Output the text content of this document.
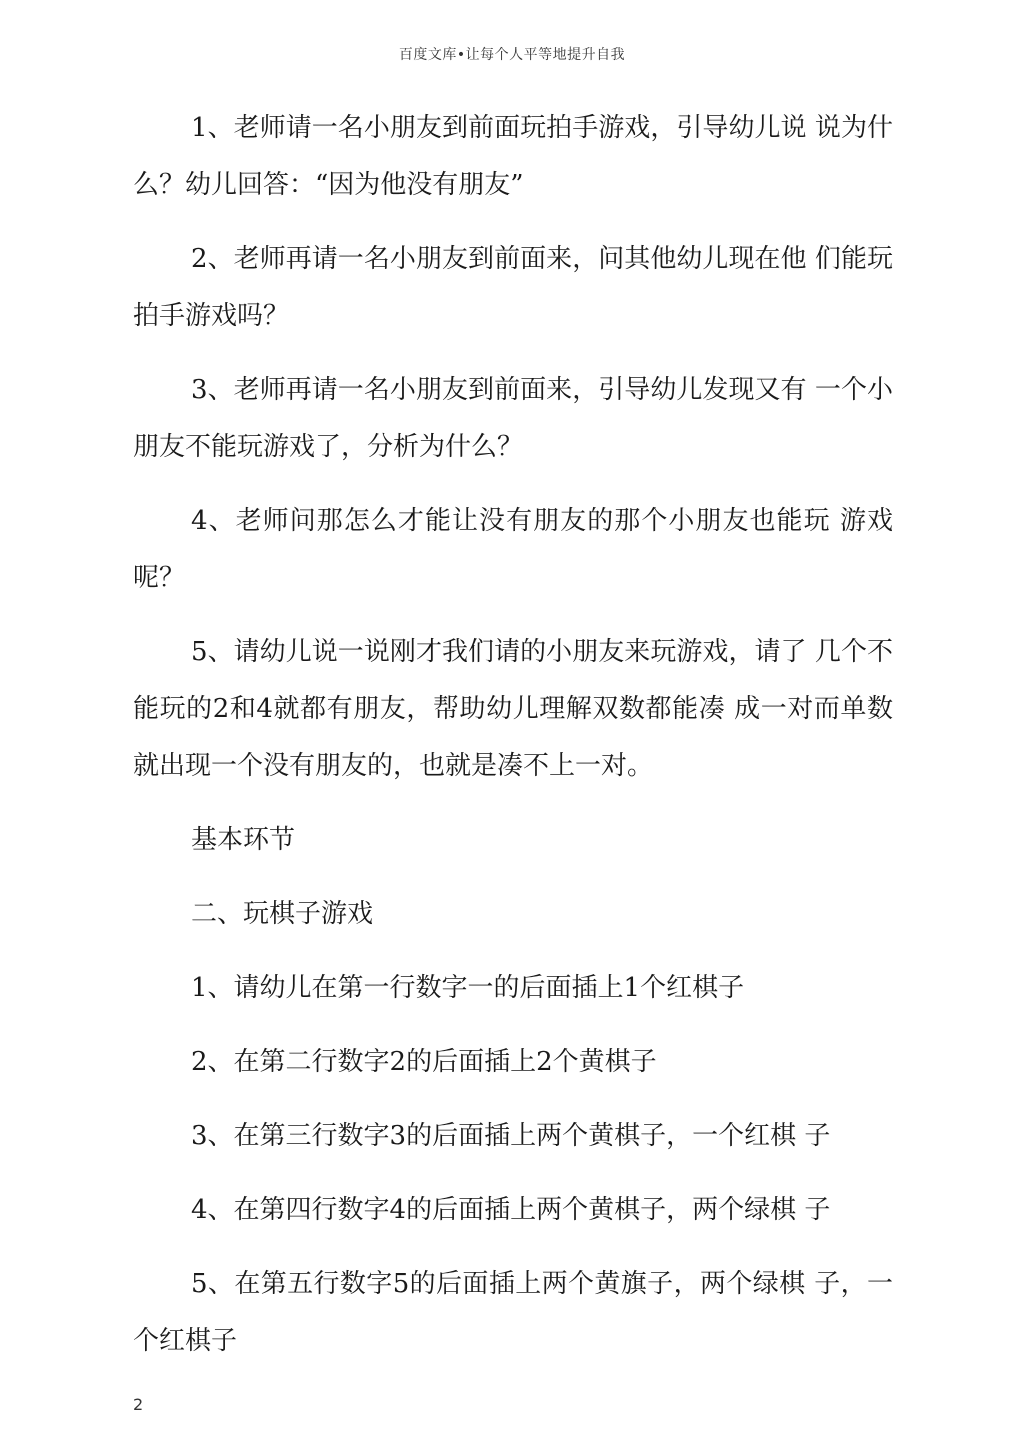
百度文库•让每个人平等地提升自我

1、老师请一名小朋友到前面玩拍手游戏，引导幼儿说 说为什么？幼儿回答：“因为他没有朋友”

2、老师再请一名小朋友到前面来，问其他幼儿现在他 们能玩拍手游戏吗？

3、老师再请一名小朋友到前面来，引导幼儿发现又有 一个小朋友不能玩游戏了，分析为什么？

4、老师问那怎么才能让没有朋友的那个小朋友也能玩 游戏呢？

5、请幼儿说一说刚才我们请的小朋友来玩游戏，请了 几个不能玩的2和4就都有朋友，帮助幼儿理解双数都能凑 成一对而单数就出现一个没有朋友的，也就是凑不上一对。

基本环节

二、玩棋子游戏

1、请幼儿在第一行数字一的后面插上1个红棋子

2、在第二行数字2的后面插上2个黄棋子

3、在第三行数字3的后面插上两个黄棋子，一个红棋 子

4、在第四行数字4的后面插上两个黄棋子，两个绿棋 子

5、在第五行数字5的后面插上两个黄旗子，两个绿棋 子，一个红棋子

2
